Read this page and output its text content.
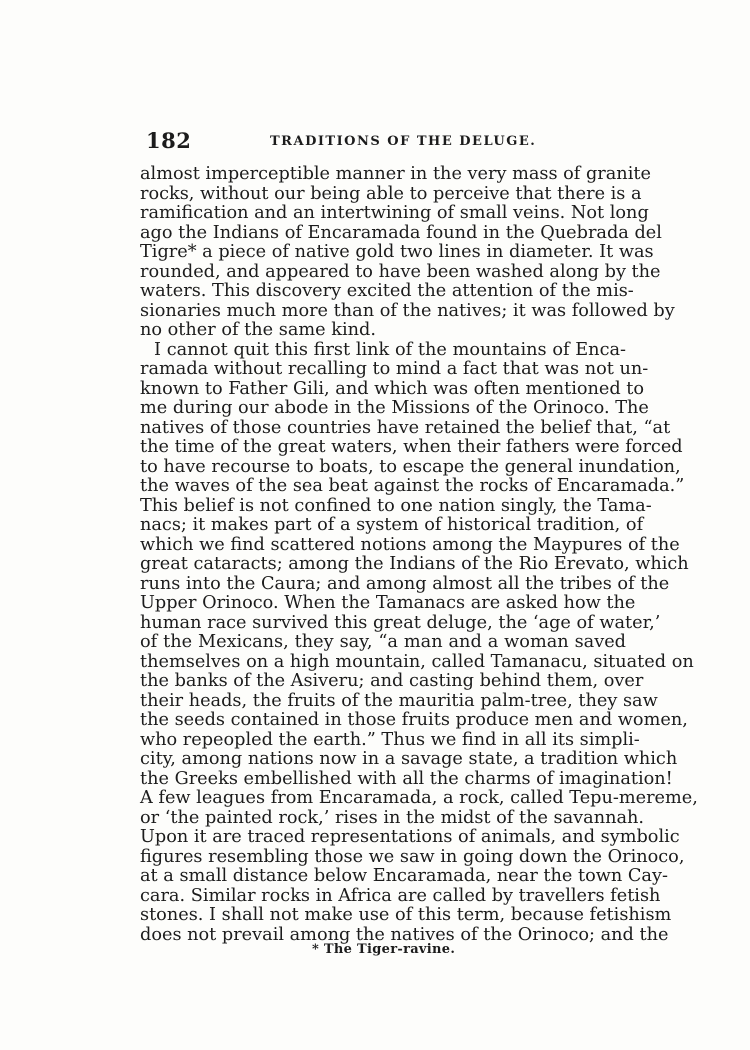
182	TRADITIONS OF THE DELUGE.
almost imperceptible manner in the very mass of granite
rocks, without our being able to perceive that there is a
ramification and an intertwining of small veins. Not long
ago the Indians of Encaramada found in the Quebrada del
Tigre* a piece of native gold two lines in diameter. It was
rounded, and appeared to have been washed along by the
waters. This discovery excited the attention of the mis-
sionaries much more than of the natives; it was followed by
no other of the same kind.
I cannot quit this first link of the mountains of Enca-
ramada without recalling to mind a fact that was not un-
known to Father Gili, and which was often mentioned to
me during our abode in the Missions of the Orinoco. The
natives of those countries have retained the belief that, “at
the time of the great waters, when their fathers were forced
to have recourse to boats, to escape the general inundation,
the waves of the sea beat against the rocks of Encaramada.”
This belief is not confined to one nation singly, the Tama-
nacs; it makes part of a system of historical tradition, of
which we find scattered notions among the Maypures of the
great cataracts; among the Indians of the Rio Erevato, which
runs into the Caura; and among almost all the tribes of the
Upper Orinoco. When the Tamanacs are asked how the
human race survived this great deluge, the ‘age of water,’
of the Mexicans, they say, “a man and a woman saved
themselves on a high mountain, called Tamanacu, situated on
the banks of the Asiveru; and casting behind them, over
their heads, the fruits of the mauritia palm-tree, they saw
the seeds contained in those fruits produce men and women,
who repeopled the earth.” Thus we find in all its simpli-
city, among nations now in a savage state, a tradition which
the Greeks embellished with all the charms of imagination!
A few leagues from Encaramada, a rock, called Tepu-mereme,
or ‘the painted rock,’ rises in the midst of the savannah.
Upon it are traced representations of animals, and symbolic
figures resembling those we saw in going down the Orinoco,
at a small distance below Encaramada, near the town Cay-
cara. Similar rocks in Africa are called by travellers fetish
stones. I shall not make use of this term, because fetishism
does not prevail among the natives of the Orinoco; and the
* The Tiger-ravine.
